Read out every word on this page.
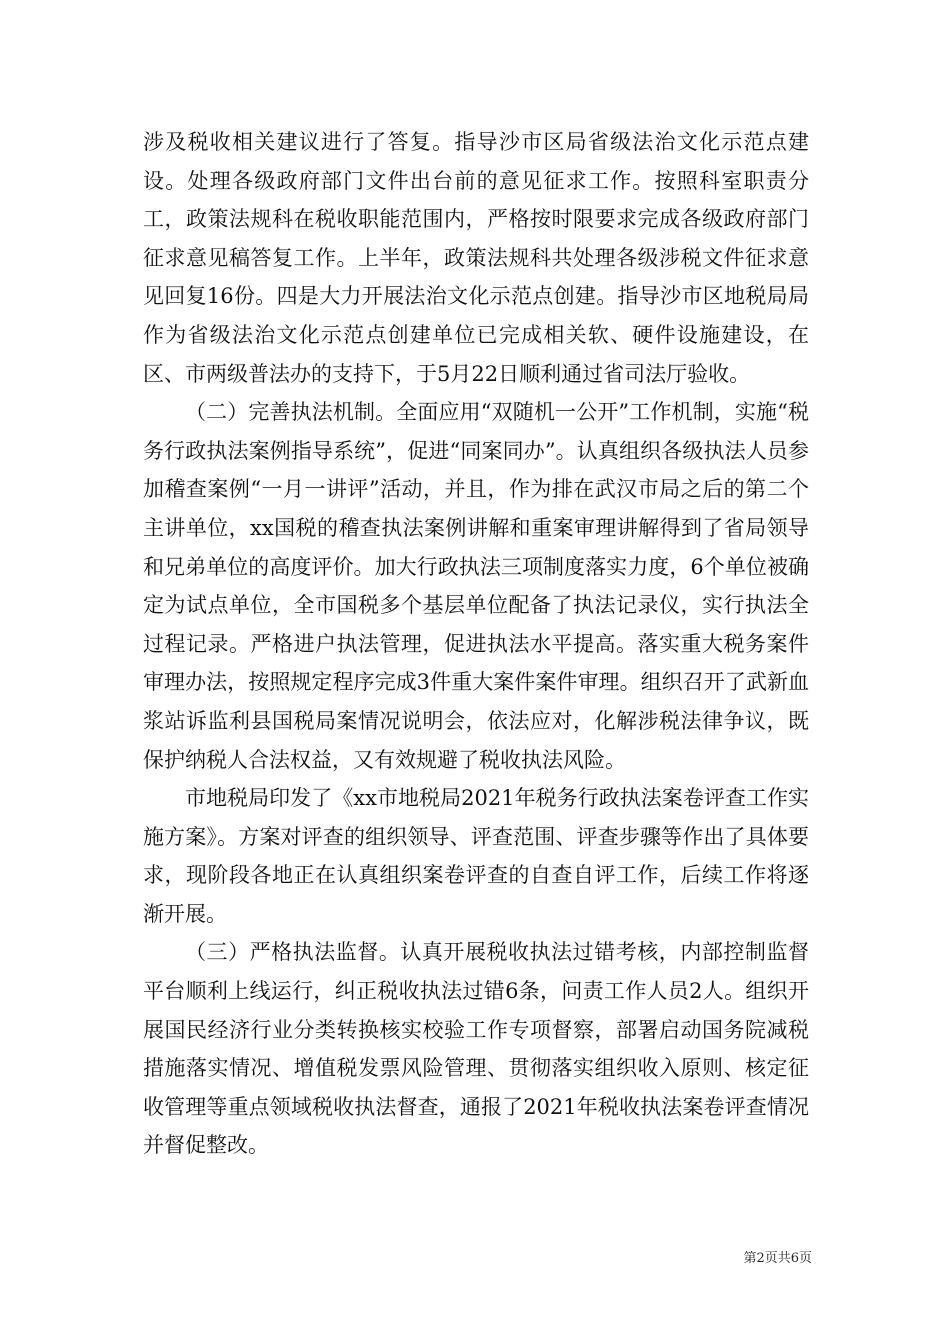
涉及税收相关建议进行了答复。指导沙市区局省级法治文化示范点建设。处理各级政府部门文件出台前的意见征求工作。按照科室职责分工，政策法规科在税收职能范围内，严格按时限要求完成各级政府部门征求意见稿答复工作。上半年，政策法规科共处理各级涉税文件征求意见回复16份。四是大力开展法治文化示范点创建。指导沙市区地税局局作为省级法治文化示范点创建单位已完成相关软、硬件设施建设，在区、市两级普法办的支持下，于5月22日顺利通过省司法厅验收。

（二）完善执法机制。全面应用“双随机一公开”工作机制，实施“税务行政执法案例指导系统”，促进“同案同办”。认真组织各级执法人员参加稽查案例“一月一讲评”活动，并且，作为排在武汉市局之后的第二个主讲单位，xx国税的稽查执法案例讲解和重案审理讲解得到了省局领导和兄弟单位的高度评价。加大行政执法三项制度落实力度，6个单位被确定为试点单位，全市国税多个基层单位配备了执法记录仪，实行执法全过程记录。严格进户执法管理，促进执法水平提高。落实重大税务案件审理办法，按照规定程序完成3件重大案件案件审理。组织召开了武新血浆站诉监利县国税局案情况说明会，依法应对，化解涉税法律争议，既保护纳税人合法权益，又有效规避了税收执法风险。

市地税局印发了《xx市地税局2021年税务行政执法案卷评查工作实施方案》。方案对评查的组织领导、评查范围、评查步骤等作出了具体要求，现阶段各地正在认真组织案卷评查的自查自评工作，后续工作将逐渐开展。

（三）严格执法监督。认真开展税收执法过错考核，内部控制监督平台顺利上线运行，纠正税收执法过错6条，问责工作人员2人。组织开展国民经济行业分类转换核实校验工作专项督察，部署启动国务院减税措施落实情况、增值税发票风险管理、贯彻落实组织收入原则、核定征收管理等重点领域税收执法督查，通报了2021年税收执法案卷评查情况并督促整改。

第2页共6页
